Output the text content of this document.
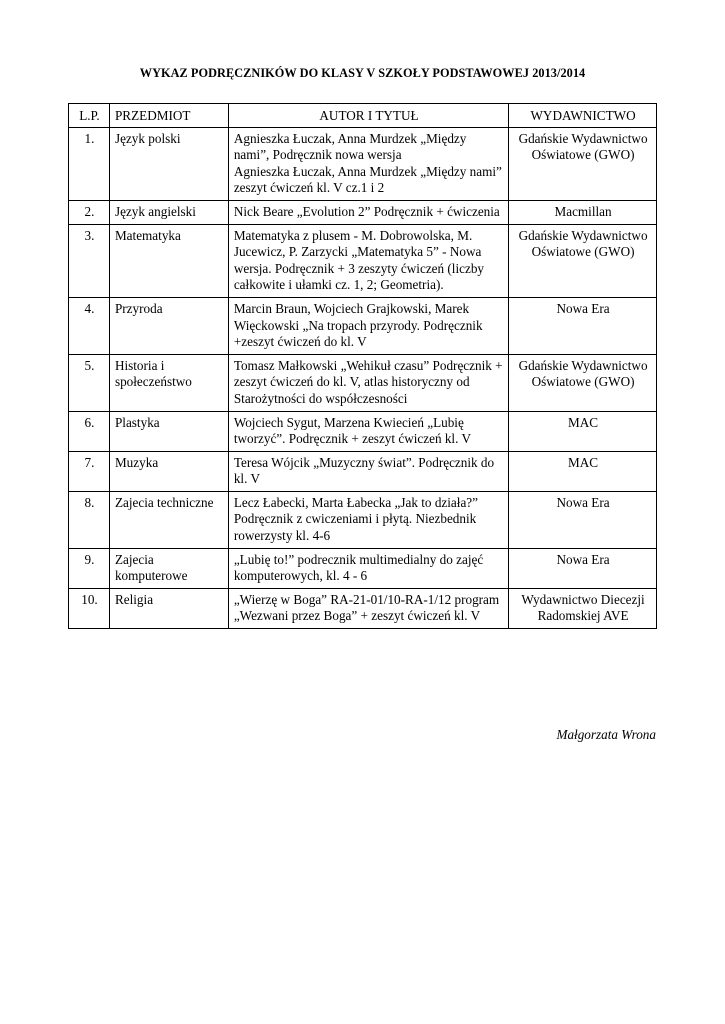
WYKAZ PODRĘCZNIKÓW DO KLASY V SZKOŁY PODSTAWOWEJ 2013/2014
L.P.	PRZEDMIOT	AUTOR I TYTUŁ	WYDAWNICTWO
1.	Język polski	Agnieszka Łuczak, Anna Murdzek „Między nami”, Podręcznik nowa wersja
Agnieszka Łuczak, Anna Murdzek „Między nami” zeszyt ćwiczeń kl. V cz.1 i 2	Gdańskie Wydawnictwo Oświatowe (GWO)
2.	Język angielski	Nick Beare „Evolution 2” Podręcznik + ćwiczenia	Macmillan
3.	Matematyka	Matematyka z plusem - M. Dobrowolska, M. Jucewicz, P. Zarzycki „Matematyka 5” - Nowa wersja. Podręcznik + 3 zeszyty ćwiczeń (liczby całkowite i ułamki cz. 1, 2; Geometria).	Gdańskie Wydawnictwo Oświatowe (GWO)
4.	Przyroda	Marcin Braun, Wojciech Grajkowski, Marek Więckowski „Na tropach przyrody. Podręcznik +zeszyt ćwiczeń do kl. V	Nowa Era
5.	Historia i społeczeństwo	Tomasz Małkowski „Wehikuł czasu” Podręcznik + zeszyt ćwiczeń do kl. V, atlas historyczny od Starożytności do współczesności	Gdańskie Wydawnictwo Oświatowe (GWO)
6.	Plastyka	Wojciech Sygut, Marzena Kwiecień „Lubię tworzyć”. Podręcznik + zeszyt ćwiczeń kl. V	MAC
7.	Muzyka	Teresa Wójcik „Muzyczny świat”. Podręcznik do kl. V	MAC
8.	Zajecia techniczne	Lecz Łabecki, Marta Łabecka „Jak to działa?” Podręcznik z cwiczeniami i płytą. Niezbednik rowerzysty kl. 4-6	Nowa Era
9.	Zajecia komputerowe	„Lubię to!” podrecznik multimedialny do zajęć komputerowych, kl. 4 - 6	Nowa Era
10.	Religia	„Wierzę w Boga” RA-21-01/10-RA-1/12 program „Wezwani przez Boga” + zeszyt ćwiczeń kl. V	Wydawnictwo Diecezji Radomskiej AVE
Małgorzata Wrona
